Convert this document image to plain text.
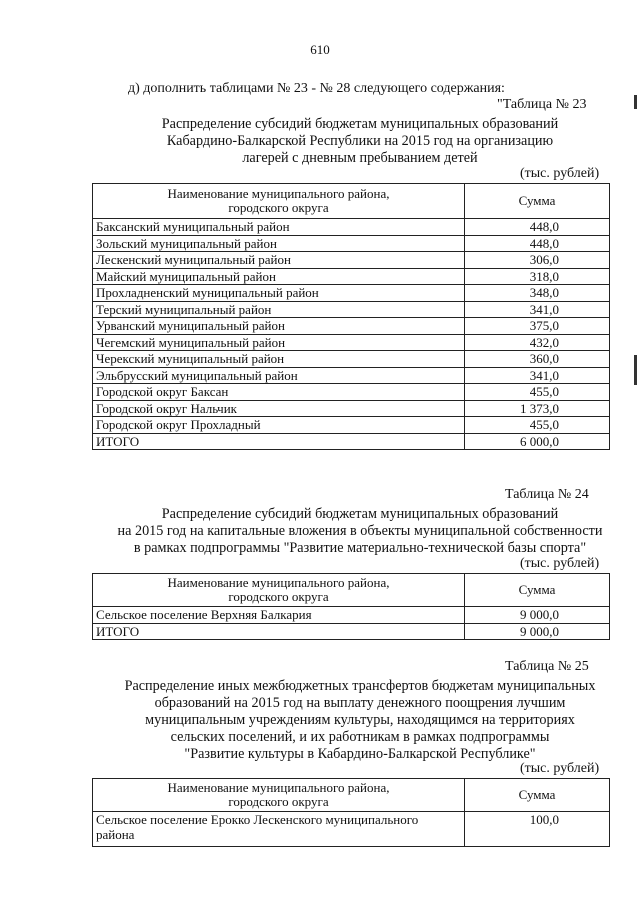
610
д) дополнить таблицами № 23 - № 28 следующего содержания:
"Таблица № 23
Распределение субсидий бюджетам муниципальных образований
Кабардино-Балкарской Республики на 2015 год на организацию
лагерей с дневным пребыванием детей
(тыс. рублей)
Наименование муниципального района,
городского округа	Сумма
Баксанский муниципальный район	448,0
Зольский муниципальный район	448,0
Лескенский муниципальный район	306,0
Майский муниципальный район	318,0
Прохладненский муниципальный район	348,0
Терский муниципальный район	341,0
Урванский муниципальный район	375,0
Чегемский муниципальный район	432,0
Черекский муниципальный район	360,0
Эльбрусский муниципальный район	341,0
Городской округ Баксан	455,0
Городской округ Нальчик	1 373,0
Городской округ Прохладный	455,0
ИТОГО	6 000,0
Таблица № 24
Распределение субсидий бюджетам муниципальных образований
на 2015 год на капитальные вложения в объекты муниципальной собственности
в рамках подпрограммы "Развитие материально-технической базы спорта"
(тыс. рублей)
Наименование муниципального района,
городского округа	Сумма
Сельское поселение Верхняя Балкария	9 000,0
ИТОГО	9 000,0
Таблица № 25
Распределение иных межбюджетных трансфертов бюджетам муниципальных
образований на 2015 год на выплату денежного поощрения лучшим
муниципальным учреждениям культуры, находящимся на территориях
сельских поселений, и их работникам в рамках подпрограммы
"Развитие культуры в Кабардино-Балкарской Республике"
(тыс. рублей)
Наименование муниципального района,
городского округа	Сумма

Сельское поселение Ерокко Лескенского муниципального
района	100,0
